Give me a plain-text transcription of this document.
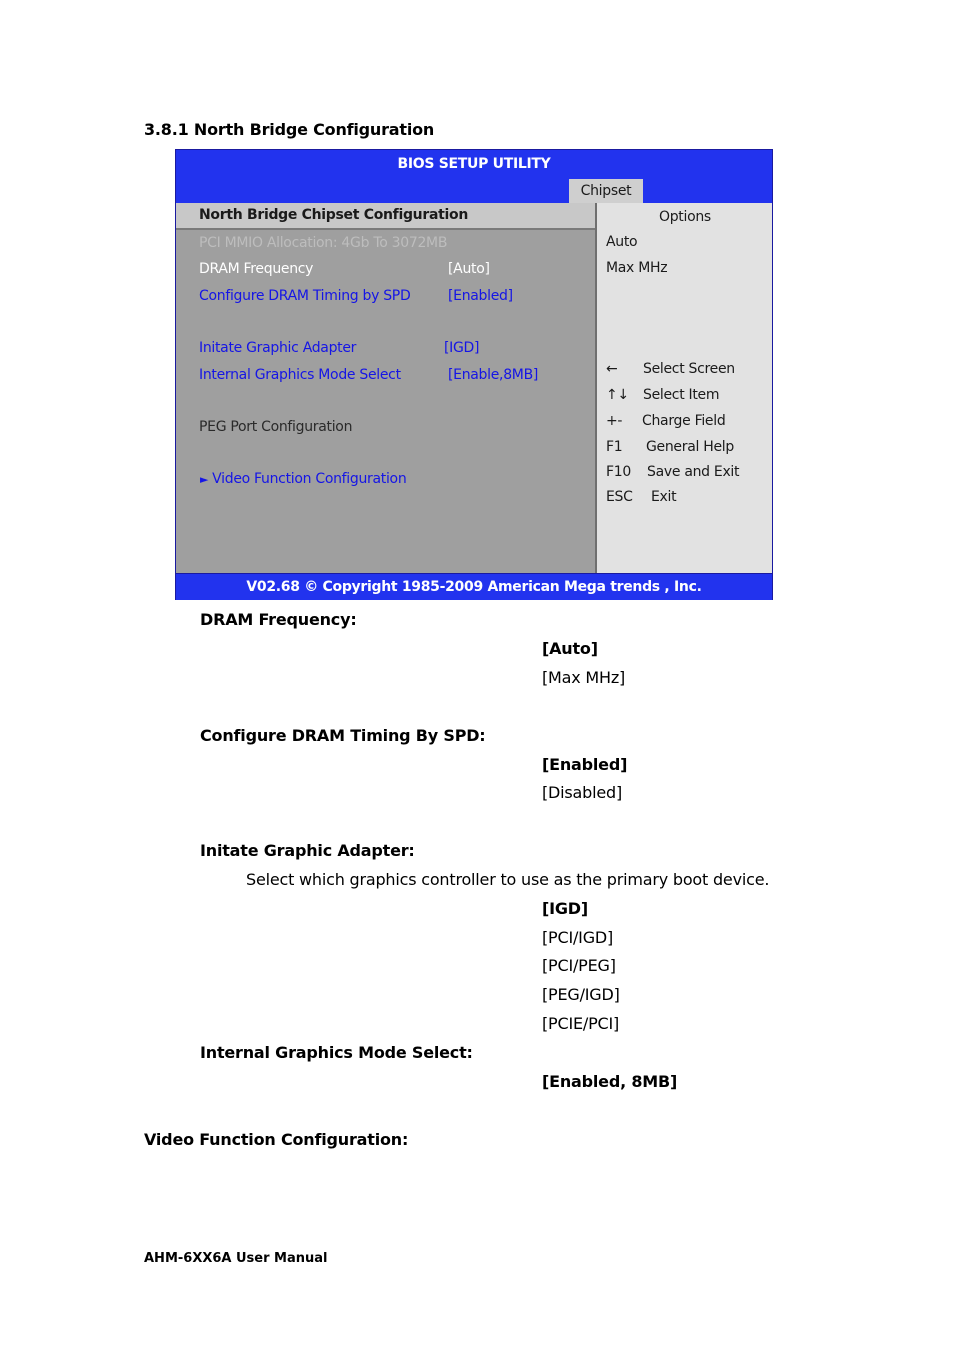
3.8.1 North Bridge Configuration
BIOS SETUP UTILITY
Chipset
North Bridge Chipset Configuration
PCI MMIO Allocation: 4Gb To 3072MB
DRAM Frequency	[Auto]
Configure DRAM Timing by SPD	[Enabled]
Initate Graphic Adapter	[IGD]
Internal Graphics Mode Select	[Enable,8MB]
PEG Port Configuration
► Video Function Configuration
Options
Auto
Max MHz
← Select Screen
↑↓ Select Item
+- Charge Field
F1 General Help
F10 Save and Exit
ESC Exit
V02.68 © Copyright 1985-2009 American Mega trends , Inc.
DRAM Frequency:
[Auto]
[Max MHz]
Configure DRAM Timing By SPD:
[Enabled]
[Disabled]
Initate Graphic Adapter:
Select which graphics controller to use as the primary boot device.
[IGD]
[PCI/IGD]
[PCI/PEG]
[PEG/IGD]
[PCIE/PCI]
Internal Graphics Mode Select:
[Enabled, 8MB]
Video Function Configuration:
AHM-6XX6A User Manual
